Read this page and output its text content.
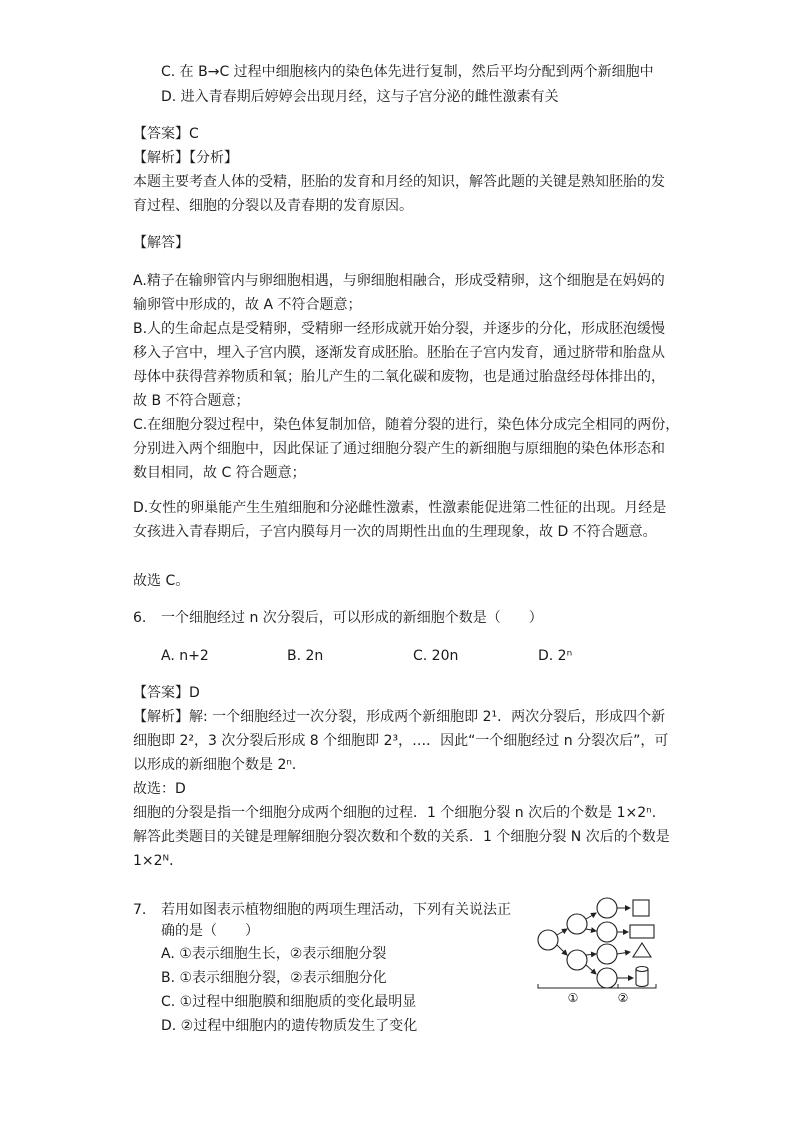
C. 在 B→C 过程中细胞核内的染色体先进行复制，然后平均分配到两个新细胞中
D. 进入青春期后婷婷会出现月经，这与子宫分泌的雌性激素有关
【答案】C
【解析】【分析】
本题主要考查人体的受精，胚胎的发育和月经的知识，解答此题的关键是熟知胚胎的发
育过程、细胞的分裂以及青春期的发育原因。
【解答】
A.精子在输卵管内与卵细胞相遇，与卵细胞相融合，形成受精卵，这个细胞是在妈妈的
输卵管中形成的，故 A 不符合题意；
B.人的生命起点是受精卵，受精卵一经形成就开始分裂，并逐步的分化，形成胚泡缓慢
移入子宫中，埋入子宫内膜，逐渐发育成胚胎。胚胎在子宫内发育，通过脐带和胎盘从
母体中获得营养物质和氧；胎儿产生的二氧化碳和废物，也是通过胎盘经母体排出的，
故 B 不符合题意；
C.在细胞分裂过程中，染色体复制加倍，随着分裂的进行，染色体分成完全相同的两份，
分别进入两个细胞中，因此保证了通过细胞分裂产生的新细胞与原细胞的染色体形态和
数目相同，故 C 符合题意；
D.女性的卵巢能产生生殖细胞和分泌雌性激素，性激素能促进第二性征的出现。月经是
女孩进入青春期后，子宫内膜每月一次的周期性出血的生理现象，故 D 不符合题意。
故选 C。
6. 一个细胞经过 n 次分裂后，可以形成的新细胞个数是（　　）
A. n+2	B. 2n	C. 20n	D. 2ⁿ
【答案】D
【解析】解: 一个细胞经过一次分裂，形成两个新细胞即 2¹．两次分裂后，形成四个新
细胞即 2²，3 次分裂后形成 8 个细胞即 2³，…．因此“一个细胞经过 n 分裂次后”，可
以形成的新细胞个数是 2ⁿ．
故选：D
细胞的分裂是指一个细胞分成两个细胞的过程．1 个细胞分裂 n 次后的个数是 1×2ⁿ．
解答此类题目的关键是理解细胞分裂次数和个数的关系．1 个细胞分裂 N 次后的个数是
1×2ᴺ．
7. 若用如图表示植物细胞的两项生理活动，下列有关说法正
确的是（　　）
A. ①表示细胞生长，②表示细胞分裂
B. ①表示细胞分裂，②表示细胞分化
C. ①过程中细胞膜和细胞质的变化最明显
D. ②过程中细胞内的遗传物质发生了变化
①	②
